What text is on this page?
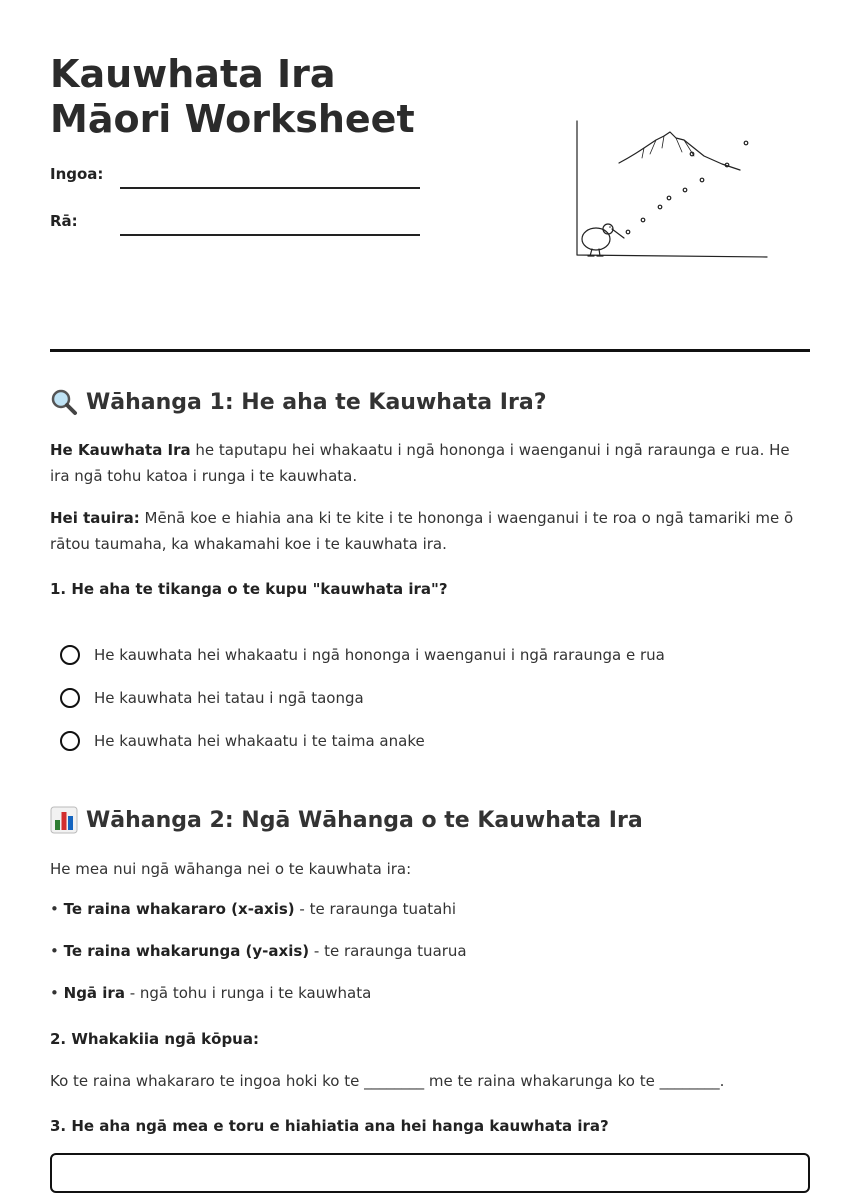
Kauwhata Ira Māori Worksheet
Ingoa:
Rā:
Wāhanga 1: He aha te Kauwhata Ira?

He Kauwhata Ira he taputapu hei whakaatu i ngā hononga i waenganui i ngā raraunga e rua. He ira ngā tohu katoa i runga i te kauwhata.

Hei tauira: Mēnā koe e hiahia ana ki te kite i te hononga i waenganui i te roa o ngā tamariki me ō rātou taumaha, ka whakamahi koe i te kauwhata ira.

1. He aha te tikanga o te kupu "kauwhata ira"?
He kauwhata hei whakaatu i ngā hononga i waenganui i ngā raraunga e rua
He kauwhata hei tatau i ngā taonga
He kauwhata hei whakaatu i te taima anake
Wāhanga 2: Ngā Wāhanga o te Kauwhata Ira
He mea nui ngā wāhanga nei o te kauwhata ira:
• Te raina whakararo (x-axis) - te raraunga tuatahi
• Te raina whakarunga (y-axis) - te raraunga tuarua
• Ngā ira - ngā tohu i runga i te kauwhata
2. Whakakiia ngā kōpua:
Ko te raina whakararo te ingoa hoki ko te ________ me te raina whakarunga ko te ________.
3. He aha ngā mea e toru e hiahiatia ana hei hanga kauwhata ira?
